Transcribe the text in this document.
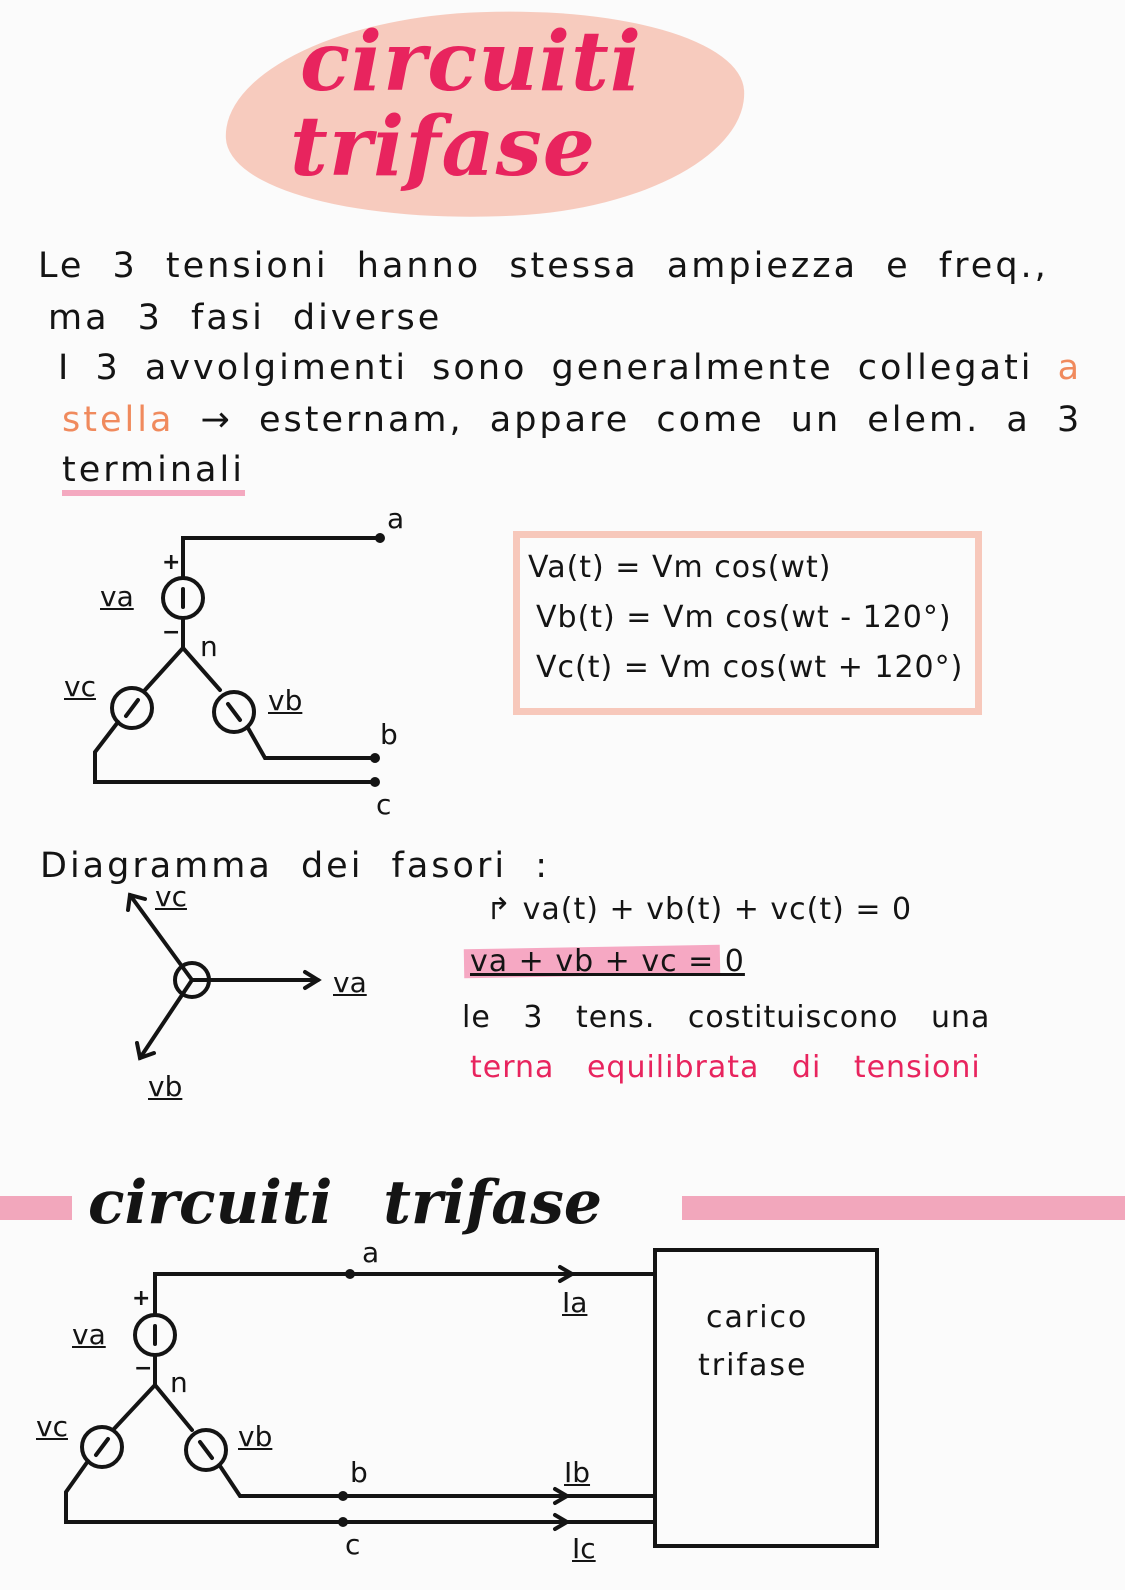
circuiti
trifase
Le 3 tensioni hanno stessa ampiezza e freq.,
ma 3 fasi diverse
I 3 avvolgimenti sono generalmente collegati a
stella → esternam, appare come un elem. a 3
terminali
a
b
c
n
va
vb
vc
+
−
Va(t) = Vm cos(wt)
Vb(t) = Vm cos(wt - 120°)
Vc(t) = Vm cos(wt + 120°)
Diagramma dei fasori :
va
vb
vc	↱ va(t) + vb(t) + vc(t) = 0
va + vb + vc = 0
le 3 tens. costituiscono una
terna equilibrata di tensioni
circuiti trifase
a
b
c
n
va
vb
vc
Ia
Ib
Ic
+
−
carico
trifase
